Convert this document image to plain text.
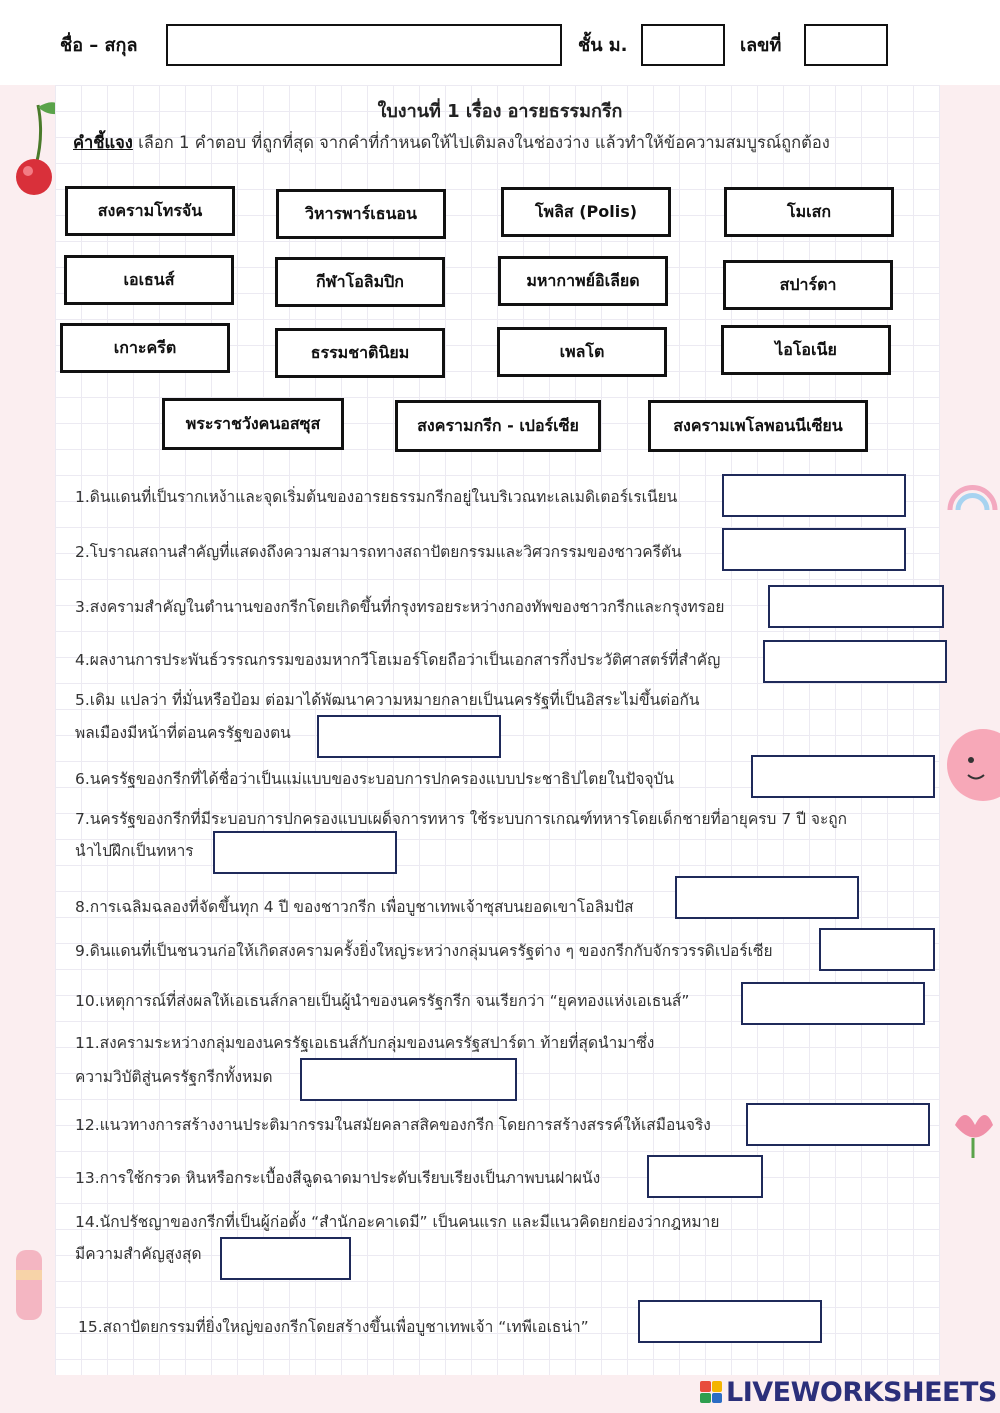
ชื่อ – สกุล	ชั้น ม.	เลขที่
ใบงานที่ 1 เรื่อง อารยธรรมกรีก
คำชี้แจง เลือก 1 คำตอบ ที่ถูกที่สุด จากคำที่กำหนดให้ไปเติมลงในช่องว่าง แล้วทำให้ข้อความสมบูรณ์ถูกต้อง
สงครามโทรจัน	วิหารพาร์เธนอน	โพลิส (Polis)	โมเสก
เอเธนส์	กีฬาโอลิมปิก	มหากาพย์อิเลียด	สปาร์ตา
เกาะครีต	ธรรมชาตินิยม	เพลโต	ไอโอเนีย
พระราชวังคนอสซุส	สงครามกรีก - เปอร์เซีย	สงครามเพโลพอนนีเซียน
1.ดินแดนที่เป็นรากเหง้าและจุดเริ่มต้นของอารยธรรมกรีกอยู่ในบริเวณทะเลเมดิเตอร์เรเนียน
2.โบราณสถานสำคัญที่แสดงถึงความสามารถทางสถาปัตยกรรมและวิศวกรรมของชาวครีตัน
3.สงครามสำคัญในตำนานของกรีกโดยเกิดขึ้นที่กรุงทรอยระหว่างกองทัพของชาวกรีกและกรุงทรอย
4.ผลงานการประพันธ์วรรณกรรมของมหากวีโฮเมอร์โดยถือว่าเป็นเอกสารกึ่งประวัติศาสตร์ที่สำคัญ
5.เดิม แปลว่า ที่มั่นหรือป้อม ต่อมาได้พัฒนาความหมายกลายเป็นนครรัฐที่เป็นอิสระไม่ขึ้นต่อกัน
พลเมืองมีหน้าที่ต่อนครรัฐของตน
6.นครรัฐของกรีกที่ได้ชื่อว่าเป็นแม่แบบของระบอบการปกครองแบบประชาธิปไตยในปัจจุบัน
7.นครรัฐของกรีกที่มีระบอบการปกครองแบบเผด็จการทหาร ใช้ระบบการเกณฑ์ทหารโดยเด็กชายที่อายุครบ 7 ปี จะถูก
นำไปฝึกเป็นทหาร
8.การเฉลิมฉลองที่จัดขึ้นทุก 4 ปี ของชาวกรีก เพื่อบูชาเทพเจ้าซุสบนยอดเขาโอลิมปัส
9.ดินแดนที่เป็นชนวนก่อให้เกิดสงครามครั้งยิ่งใหญ่ระหว่างกลุ่มนครรัฐต่าง ๆ ของกรีกกับจักรวรรดิเปอร์เซีย
10.เหตุการณ์ที่ส่งผลให้เอเธนส์กลายเป็นผู้นำของนครรัฐกรีก จนเรียกว่า “ยุคทองแห่งเอเธนส์”
11.สงครามระหว่างกลุ่มของนครรัฐเอเธนส์กับกลุ่มของนครรัฐสปาร์ตา ท้ายที่สุดนำมาซึ่ง
ความวิบัติสู่นครรัฐกรีกทั้งหมด
12.แนวทางการสร้างงานประติมากรรมในสมัยคลาสสิคของกรีก โดยการสร้างสรรค์ให้เสมือนจริง
13.การใช้กรวด หินหรือกระเบื้องสีฉูดฉาดมาประดับเรียบเรียงเป็นภาพบนฝาผนัง
14.นักปรัชญาของกรีกที่เป็นผู้ก่อตั้ง “สำนักอะคาเดมี” เป็นคนแรก และมีแนวคิดยกย่องว่ากฎหมาย
มีความสำคัญสูงสุด
15.สถาปัตยกรรมที่ยิ่งใหญ่ของกรีกโดยสร้างขึ้นเพื่อบูชาเทพเจ้า “เทพีเอเธน่า”
LIVEWORKSHEETS
